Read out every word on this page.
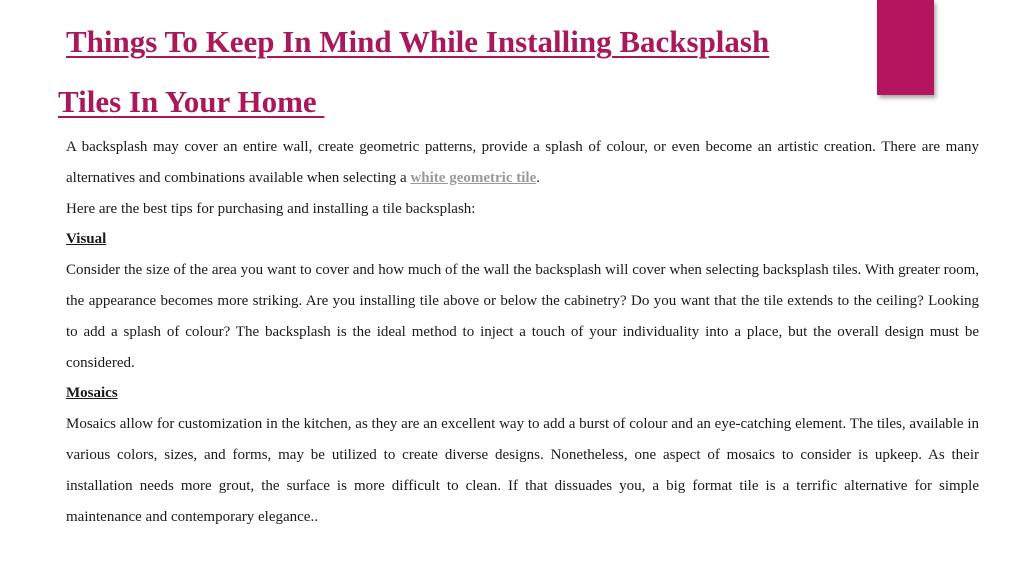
Things To Keep In Mind While Installing Backsplash
Tiles In Your Home

A backsplash may cover an entire wall, create geometric patterns, provide a splash of colour, or even become an artistic creation. There are many alternatives and combinations available when selecting a white geometric tile.

Here are the best tips for purchasing and installing a tile backsplash:

Visual

Consider the size of the area you want to cover and how much of the wall the backsplash will cover when selecting backsplash tiles. With greater room, the appearance becomes more striking. Are you installing tile above or below the cabinetry? Do you want that the tile extends to the ceiling? Looking to add a splash of colour? The backsplash is the ideal method to inject a touch of your individuality into a place, but the overall design must be considered.

Mosaics

Mosaics allow for customization in the kitchen, as they are an excellent way to add a burst of colour and an eye-catching element. The tiles, available in various colors, sizes, and forms, may be utilized to create diverse designs. Nonetheless, one aspect of mosaics to consider is upkeep. As their installation needs more grout, the surface is more difficult to clean. If that dissuades you, a big format tile is a terrific alternative for simple maintenance and contemporary elegance..
